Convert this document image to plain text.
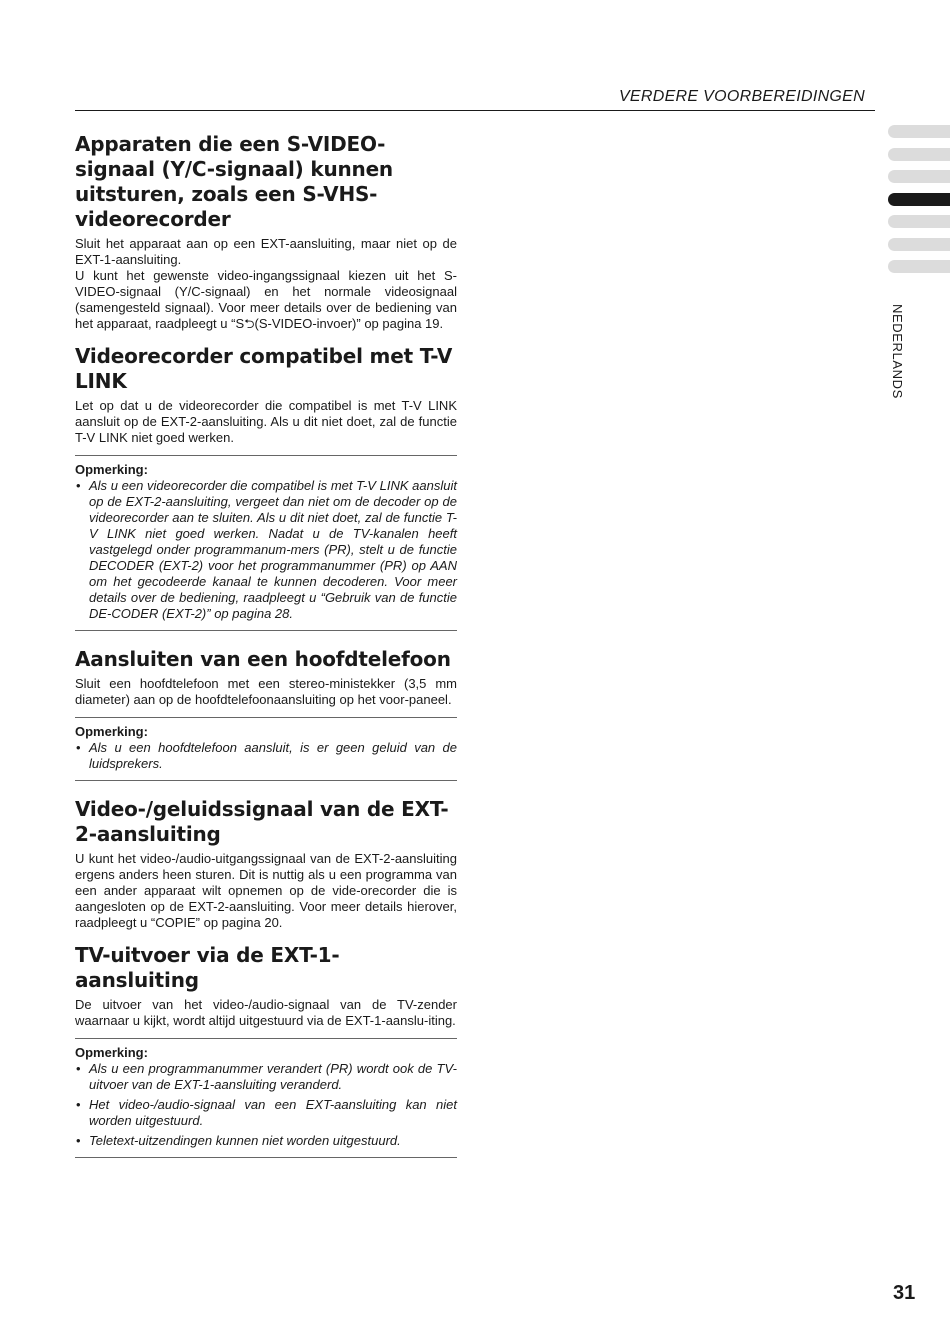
VERDERE VOORBEREIDINGEN
NEDERLANDS
Apparaten die een S-VIDEO-signaal (Y/C-signaal) kunnen uitsturen, zoals een S-VHS-videorecorder

Sluit het apparaat aan op een EXT-aansluiting, maar niet op de EXT-1-aansluiting.

U kunt het gewenste video-ingangssignaal kiezen uit het S-VIDEO-signaal (Y/C-signaal) en het normale videosignaal (samengesteld signaal). Voor meer details over de bediening van het apparaat, raadpleegt u “S⮌(S-VIDEO-invoer)” op pagina 19.

Videorecorder compatibel met T-V LINK

Let op dat u de videorecorder die compatibel is met T-V LINK aansluit op de EXT-2-aansluiting. Als u dit niet doet, zal de functie T-V LINK niet goed werken.

Opmerking:
• Als u een videorecorder die compatibel is met T-V LINK aansluit op de EXT-2-aansluiting, vergeet dan niet om de decoder op de videorecorder aan te sluiten. Als u dit niet doet, zal de functie T-V LINK niet goed werken. Nadat u de TV-kanalen heeft vastgelegd onder programmanum-mers (PR), stelt u de functie DECODER (EXT-2) voor het programmanummer (PR) op AAN om het gecodeerde kanaal te kunnen decoderen. Voor meer details over de bediening, raadpleegt u “Gebruik van de functie DE-CODER (EXT-2)” op pagina 28.
Aansluiten van een hoofdtelefoon

Sluit een hoofdtelefoon met een stereo-ministekker (3,5 mm diameter) aan op de hoofdtelefoonaansluiting op het voor-paneel.

Opmerking:
• Als u een hoofdtelefoon aansluit, is er geen geluid van de luidsprekers.
Video-/geluidssignaal van de EXT-2-aansluiting

U kunt het video-/audio-uitgangssignaal van de EXT-2-aansluiting ergens anders heen sturen. Dit is nuttig als u een programma van een ander apparaat wilt opnemen op de vide-orecorder die is aangesloten op de EXT-2-aansluiting. Voor meer details hierover, raadpleegt u “COPIE” op pagina 20.

TV-uitvoer via de EXT-1-aansluiting

De uitvoer van het video-/audio-signaal van de TV-zender waarnaar u kijkt, wordt altijd uitgestuurd via de EXT-1-aanslu-iting.

Opmerking:
• Als u een programmanummer verandert (PR) wordt ook de TV-uitvoer van de EXT-1-aansluiting veranderd.
• Het video-/audio-signaal van een EXT-aansluiting kan niet worden uitgestuurd.
• Teletext-uitzendingen kunnen niet worden uitgestuurd.
31
